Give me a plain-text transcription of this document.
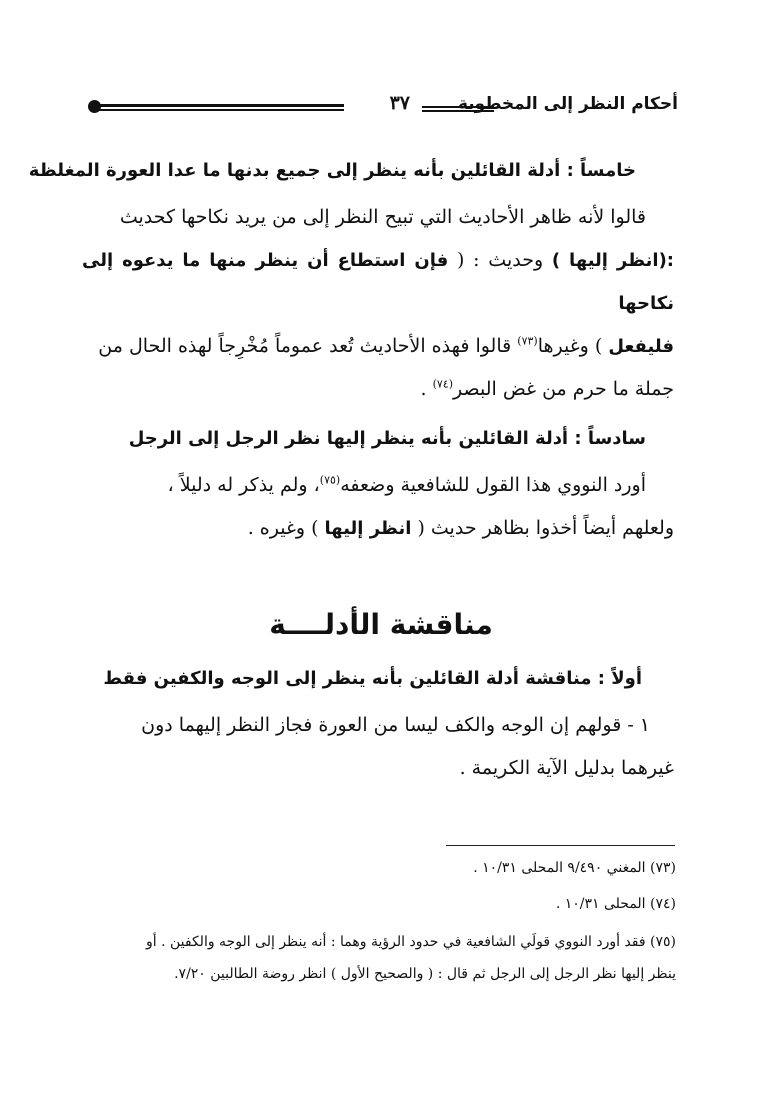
أحكام النظر إلى المخطوبة
٣٧
خامساً : أدلة القائلين بأنه ينظر إلى جميع بدنها ما عدا العورة المغلظة
قالوا لأنه ظاهر الأحاديث التي تبيح النظر إلى من يريد نكاحها كحديث
:(انظر إليها ) وحديث : ( فإن استطاع أن ينظر منها ما يدعوه إلى نكاحها
فليفعل ) وغيرها$^{(٧٣)}$ قالوا فهذه الأحاديث تُعد عموماً مُخْرِجاً لهذه الحال من
جملة ما حرم من غض البصر$^{(٧٤)}$ .
سادساً : أدلة القائلين بأنه ينظر إليها نظر الرجل إلى الرجل
أورد النووي هذا القول للشافعية وضعفه$^{(٧٥)}$، ولم يذكر له دليلاً ،
ولعلهم أيضاً أخذوا بظاهر حديث ( انظر إليها ) وغيره .
مناقشة الأدلــــة
أولاً : مناقشة أدلة القائلين بأنه ينظر إلى الوجه والكفين فقط
١ - قولهم إن الوجه والكف ليسا من العورة فجاز النظر إليهما دون
غيرهما بدليل الآية الكريمة .
(٧٣) المغني ٩/٤٩٠ المحلى ١٠/٣١ .
(٧٤) المحلى ١٠/٣١ .
(٧٥) فقد أورد النووي قولَي الشافعية في حدود الرؤية وهما : أنه ينظر إلى الوجه والكفين . أو
ينظر إليها نظر الرجل إلى الرجل ثم قال : ( والصحيح الأول ) انظر روضة الطالبين ٧/٢٠.
